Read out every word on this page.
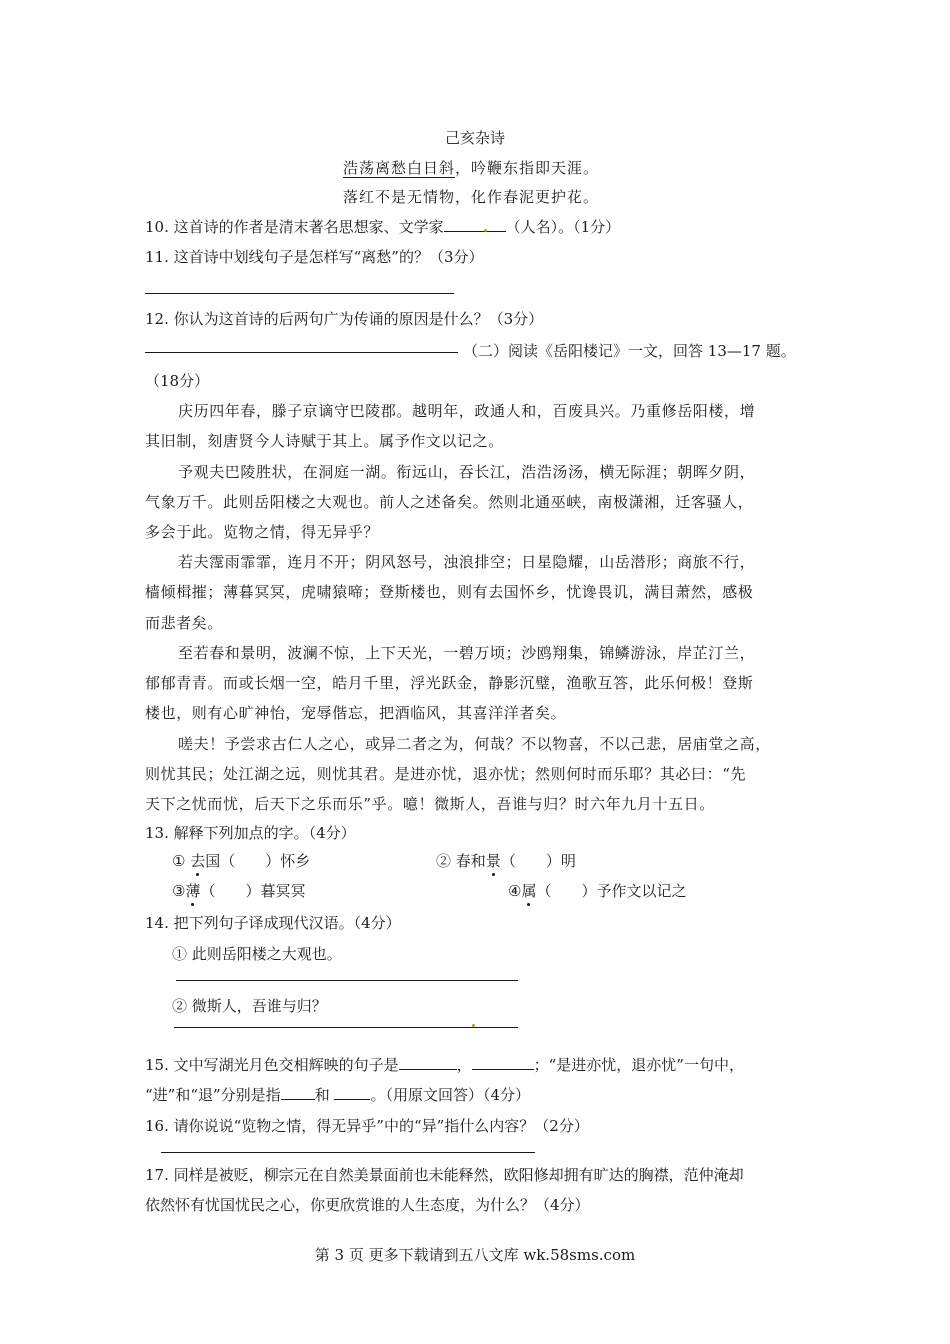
己亥杂诗
浩荡离愁白日斜，吟鞭东指即天涯。
落红不是无情物，化作春泥更护花。
10. 这首诗的作者是清末著名思想家、文学家	（人名）。（1分）
11. 这首诗中划线句子是怎样写“离愁”的？（3分）
12. 你认为这首诗的后两句广为传诵的原因是什么？（3分）
（二）阅读《岳阳楼记》一文，回答 13—17 题。
（18分）
庆历四年春，滕子京谪守巴陵郡。越明年，政通人和，百废具兴。乃重修岳阳楼，增
其旧制，刻唐贤今人诗赋于其上。属予作文以记之。
予观夫巴陵胜状，在洞庭一湖。衔远山，吞长江，浩浩汤汤，横无际涯；朝晖夕阴，
气象万千。此则岳阳楼之大观也。前人之述备矣。然则北通巫峡，南极潇湘，迁客骚人，
多会于此。览物之情，得无异乎？
若夫霪雨霏霏，连月不开；阴风怒号，浊浪排空；日星隐耀，山岳潜形；商旅不行，
樯倾楫摧；薄暮冥冥，虎啸猿啼；登斯楼也，则有去国怀乡，忧谗畏讥，满目萧然，感极
而悲者矣。
至若春和景明，波澜不惊，上下天光，一碧万顷；沙鸥翔集，锦鳞游泳，岸芷汀兰，
郁郁青青。而或长烟一空，皓月千里，浮光跃金，静影沉璧，渔歌互答，此乐何极！登斯
楼也，则有心旷神怡，宠辱偕忘，把酒临风，其喜洋洋者矣。
嗟夫！予尝求古仁人之心，或异二者之为，何哉？不以物喜，不以己悲，居庙堂之高，
则忧其民；处江湖之远，则忧其君。是进亦忧，退亦忧；然则何时而乐耶？其必曰：“先
天下之忧而忧，后天下之乐而乐”乎。噫！微斯人，吾谁与归？时六年九月十五日。
13. 解释下列加点的字。（4分）
① 去国（　　）怀乡	② 春和景（　　）明
③薄（　　）暮冥冥	④属（　　）予作文以记之
14. 把下列句子译成现代汉语。（4分）
① 此则岳阳楼之大观也。
② 微斯人，吾谁与归？
15. 文中写湖光月色交相辉映的句子是	，	；“是进亦忧，退亦忧”一句中，
“进”和“退”分别是指 和	。（用原文回答）（4分）
16. 请你说说“览物之情，得无异乎”中的“异”指什么内容？（2分）
17. 同样是被贬，柳宗元在自然美景面前也未能释然，欧阳修却拥有旷达的胸襟，范仲淹却
依然怀有忧国忧民之心，你更欣赏谁的人生态度，为什么？（4分）
第 3 页 更多下载请到五八文库 wk.58sms.com
